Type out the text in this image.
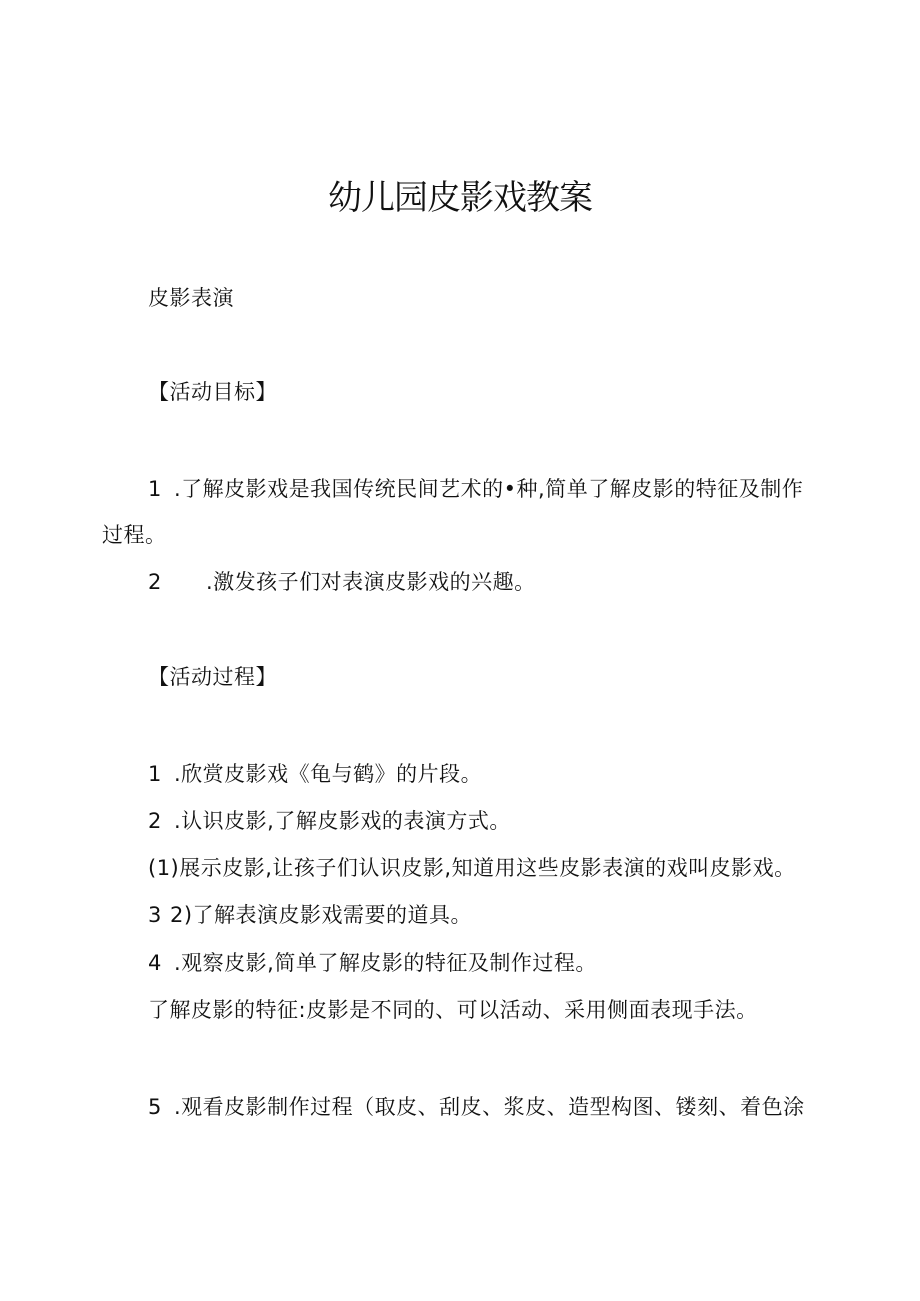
幼儿园皮影戏教案
皮影表演
【活动目标】
1 .了解皮影戏是我国传统民间艺术的•种,简单了解皮影的特征及制作
过程。
2 .激发孩子们对表演皮影戏的兴趣。
【活动过程】
1 .欣赏皮影戏《龟与鹤》的片段。
2 .认识皮影,了解皮影戏的表演方式。
(1)展示皮影,让孩子们认识皮影,知道用这些皮影表演的戏叫皮影戏。
3 2)了解表演皮影戏需要的道具。
4 .观察皮影,简单了解皮影的特征及制作过程。
了解皮影的特征:皮影是不同的、可以活动、采用侧面表现手法。
5 .观看皮影制作过程（取皮、刮皮、浆皮、造型构图、镂刻、着色涂
